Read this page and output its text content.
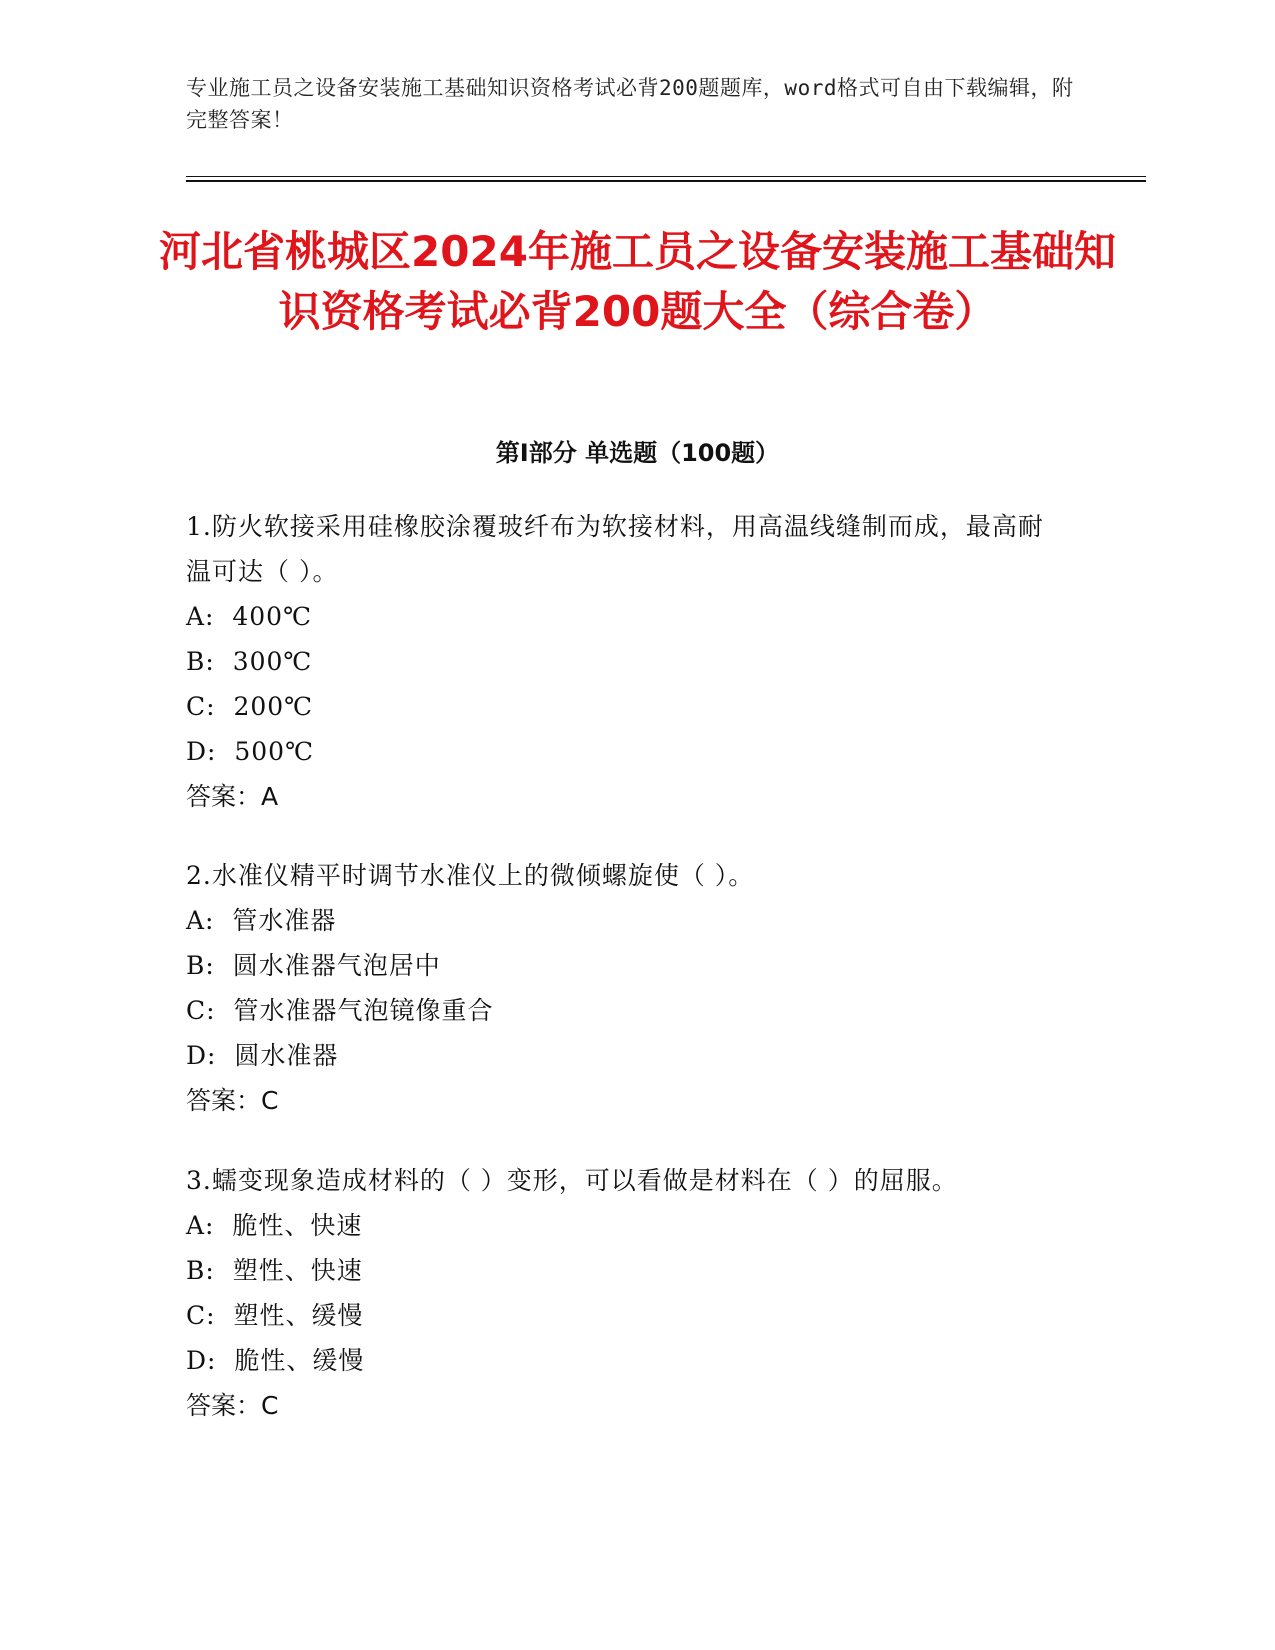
专业施工员之设备安装施工基础知识资格考试必背200题题库，word格式可自由下载编辑，附完整答案！
河北省桃城区2024年施工员之设备安装施工基础知识资格考试必背200题大全（综合卷）
第Ⅰ部分 单选题（100题）

1.防火软接采用硅橡胶涂覆玻纤布为软接材料，用高温线缝制而成，最高耐温可达（ ）。

A:  400℃

B:  300℃

C:  200℃

D:  500℃

答案：A

2.水准仪精平时调节水准仪上的微倾螺旋使（ ）。

A:  管水准器

B:  圆水准器气泡居中

C:  管水准器气泡镜像重合

D:  圆水准器

答案：C

3.蠕变现象造成材料的（ ）变形，可以看做是材料在（ ）的屈服。

A:  脆性、快速

B:  塑性、快速

C:  塑性、缓慢

D:  脆性、缓慢

答案：C
